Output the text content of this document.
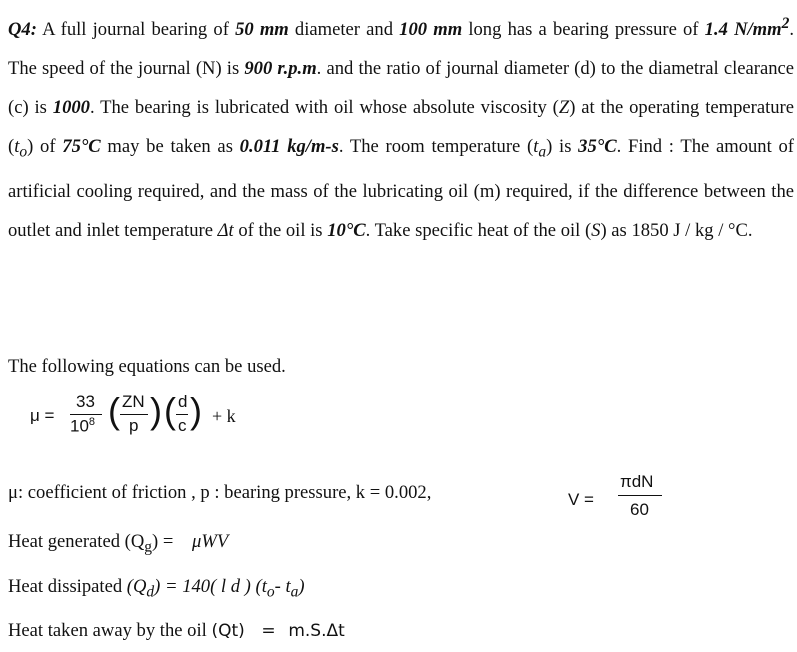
Q4: A full journal bearing of 50 mm diameter and 100 mm long has a bearing pressure of 1.4 $N/mm^2$. The speed of the journal (N) is 900 r.p.m. and the ratio of journal diameter (d) to the diametral clearance (c) is 1000. The bearing is lubricated with oil whose absolute viscosity (Z) at the operating temperature $(t_o)$ of 75°C may be taken as 0.011 kg/m-s. The room temperature $(t_a)$ is 35°C. Find : The amount of artificial cooling required, and the mass of the lubricating oil (m) required, if the difference between the outlet and inlet temperature Δt of the oil is 10°C. Take specific heat of the oil (S) as 1850 J / kg / °C.

The following equations can be used.

μ =
33
$10^8$ ( ZN
p ) ( d
c ) + k
μ: coefficient of friction , p : bearing pressure, k = 0.002,	V =
πdN
60
Heat generated $(Q_g) = \mu WV$
Heat dissipated $(Q_d) = 140$( l d ) ($t_o-$ $t_a$)
Heat taken away by the oil (Qt) = m.S.Δt
